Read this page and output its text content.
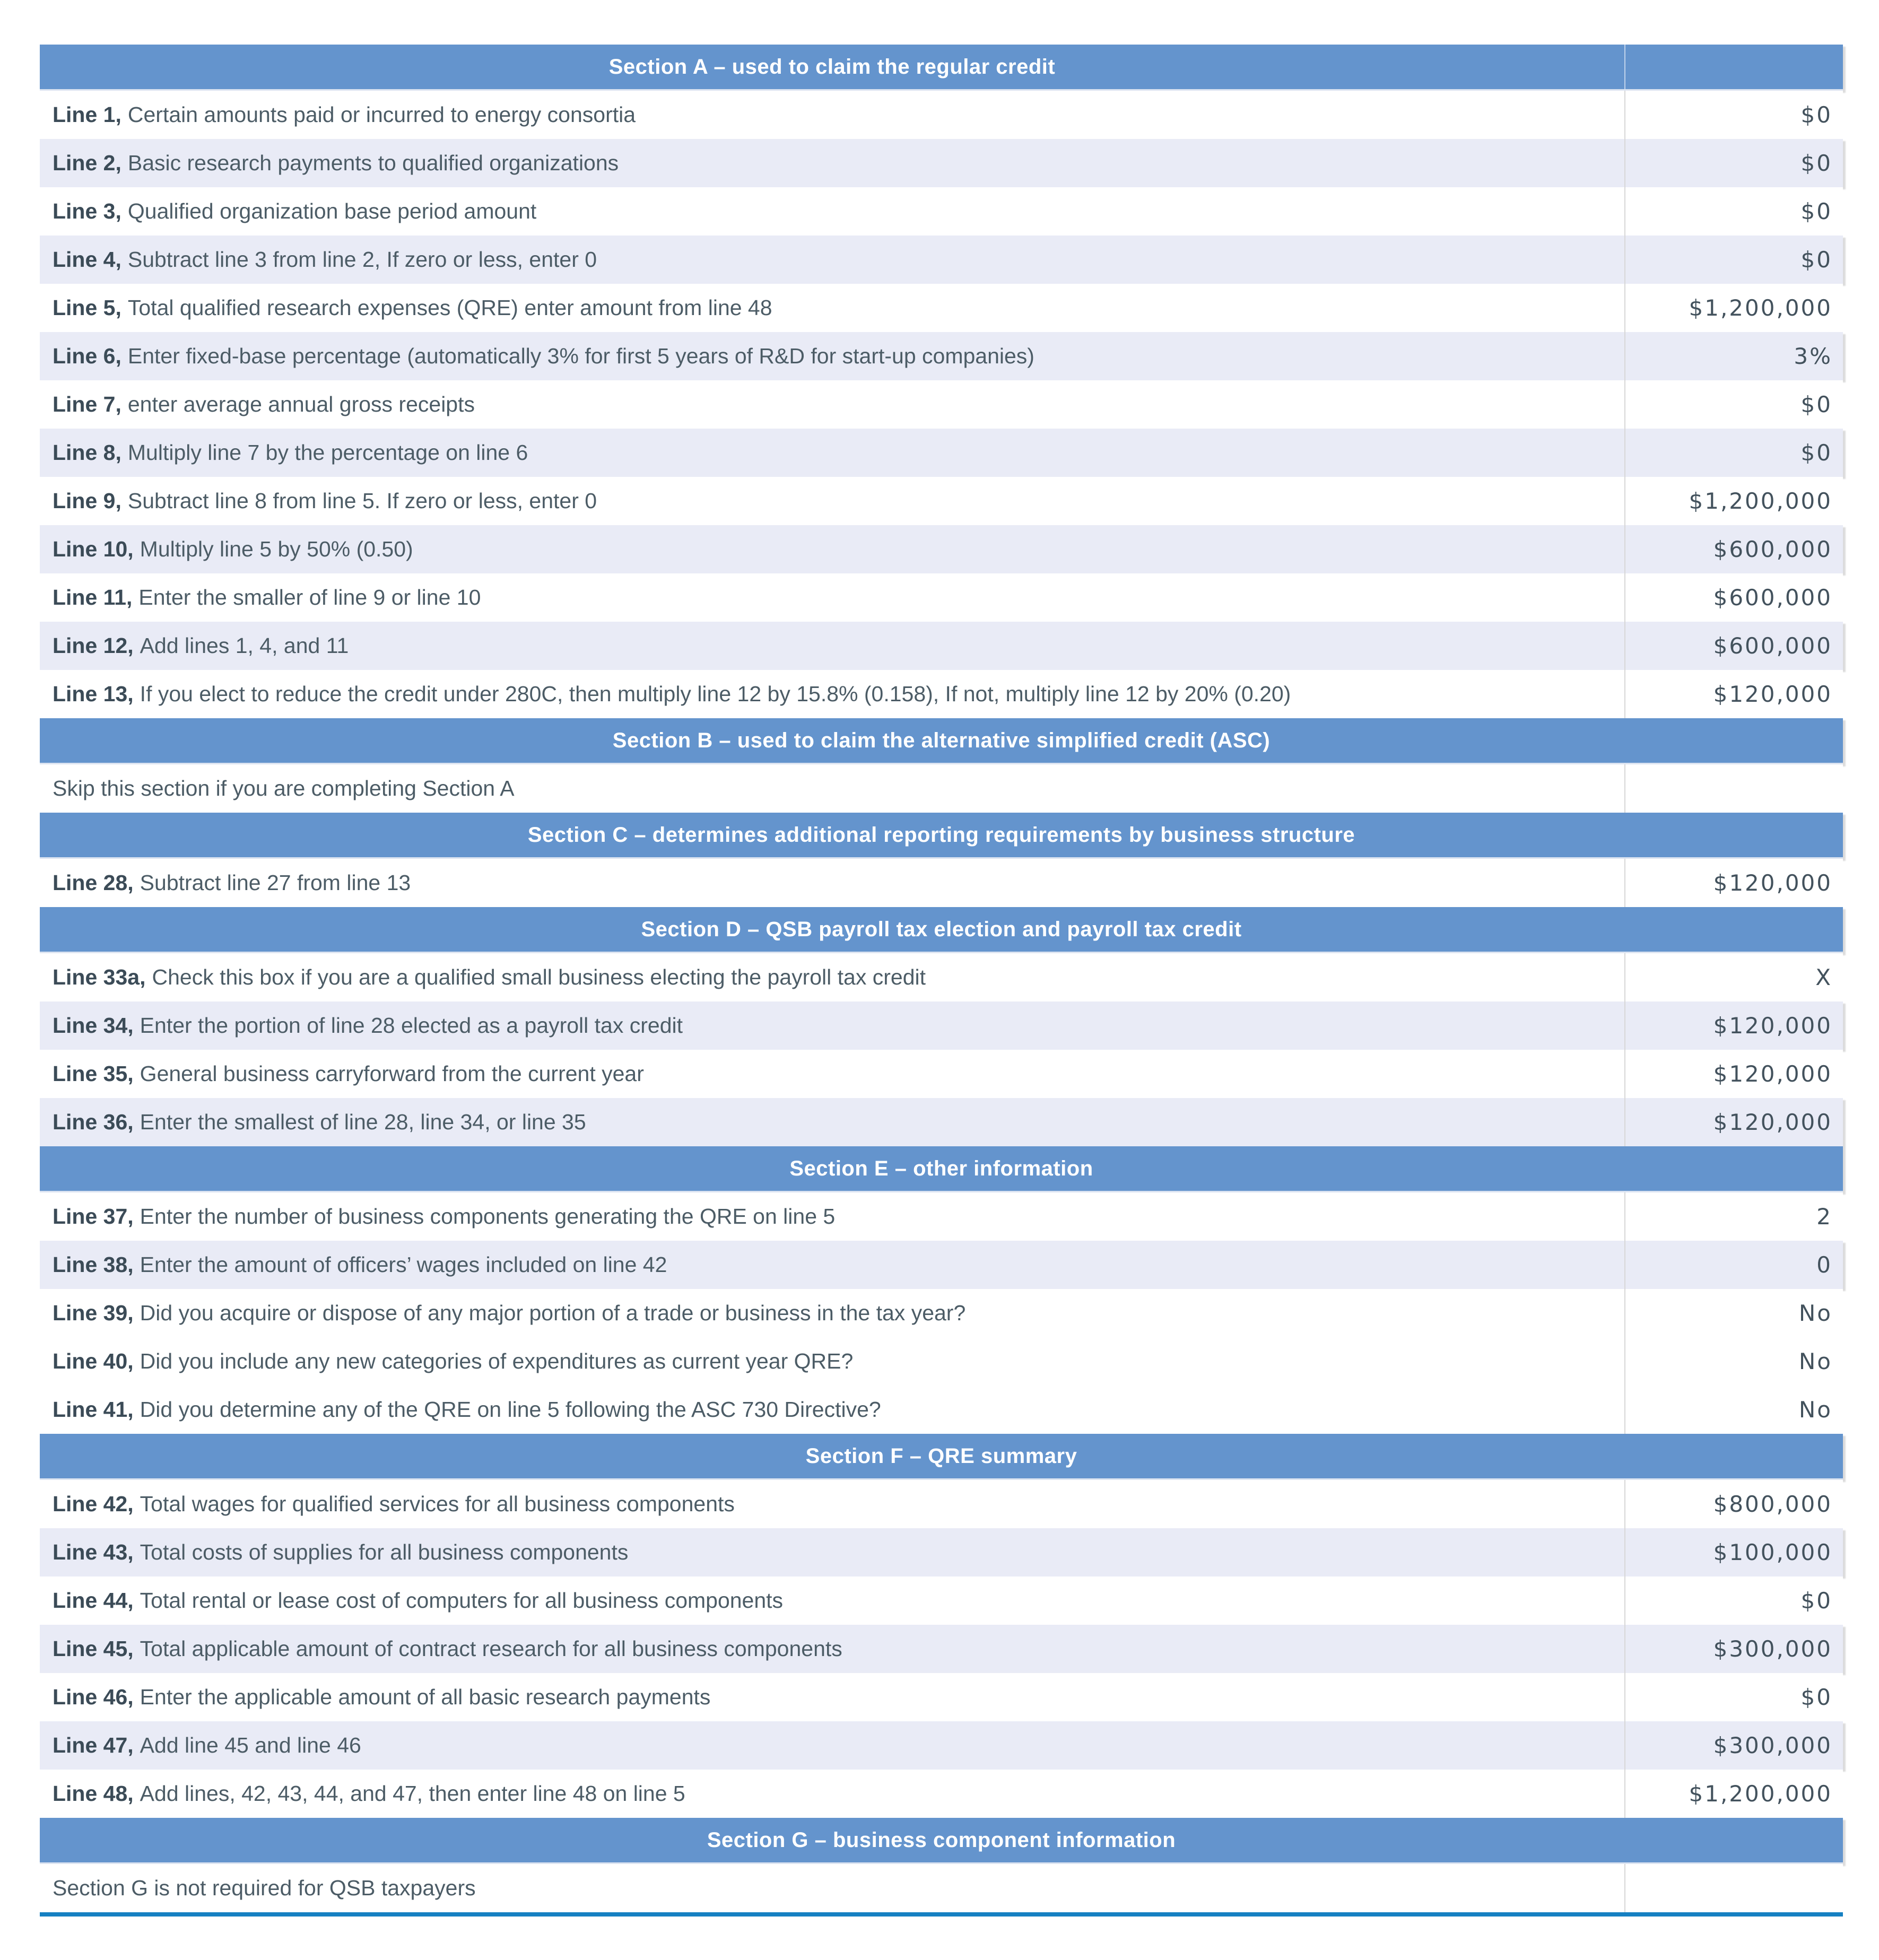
Section A – used to claim the regular credit
Line 1, Certain amounts paid or incurred to energy consortia	$0
Line 2, Basic research payments to qualified organizations	$0
Line 3, Qualified organization base period amount	$0
Line 4, Subtract line 3 from line 2, If zero or less, enter 0	$0
Line 5, Total qualified research expenses (QRE) enter amount from line 48	$1,200,000
Line 6, Enter fixed-base percentage (automatically 3% for first 5 years of R&D for start-up companies)	3%
Line 7, enter average annual gross receipts	$0
Line 8, Multiply line 7 by the percentage on line 6	$0
Line 9, Subtract line 8 from line 5. If zero or less, enter 0	$1,200,000
Line 10, Multiply line 5 by 50% (0.50)	$600,000
Line 11, Enter the smaller of line 9 or line 10	$600,000
Line 12, Add lines 1, 4, and 11	$600,000
Line 13, If you elect to reduce the credit under 280C, then multiply line 12 by 15.8% (0.158), If not, multiply line 12 by 20% (0.20)	$120,000
Section B – used to claim the alternative simplified credit (ASC)
Skip this section if you are completing Section A
Section C – determines additional reporting requirements by business structure
Line 28, Subtract line 27 from line 13	$120,000
Section D – QSB payroll tax election and payroll tax credit
Line 33a, Check this box if you are a qualified small business electing the payroll tax credit	X
Line 34, Enter the portion of line 28 elected as a payroll tax credit	$120,000
Line 35, General business carryforward from the current year	$120,000
Line 36, Enter the smallest of line 28, line 34, or line 35	$120,000
Section E – other information
Line 37, Enter the number of business components generating the QRE on line 5	2
Line 38, Enter the amount of officers’ wages included on line 42	0
Line 39, Did you acquire or dispose of any major portion of a trade or business in the tax year?	No
Line 40, Did you include any new categories of expenditures as current year QRE?	No
Line 41, Did you determine any of the QRE on line 5 following the ASC 730 Directive?	No
Section F – QRE summary
Line 42, Total wages for qualified services for all business components	$800,000
Line 43, Total costs of supplies for all business components	$100,000
Line 44, Total rental or lease cost of computers for all business components	$0
Line 45, Total applicable amount of contract research for all business components	$300,000
Line 46, Enter the applicable amount of all basic research payments	$0
Line 47, Add line 45 and line 46	$300,000
Line 48, Add lines, 42, 43, 44, and 47, then enter line 48 on line 5	$1,200,000
Section G – business component information
Section G is not required for QSB taxpayers
